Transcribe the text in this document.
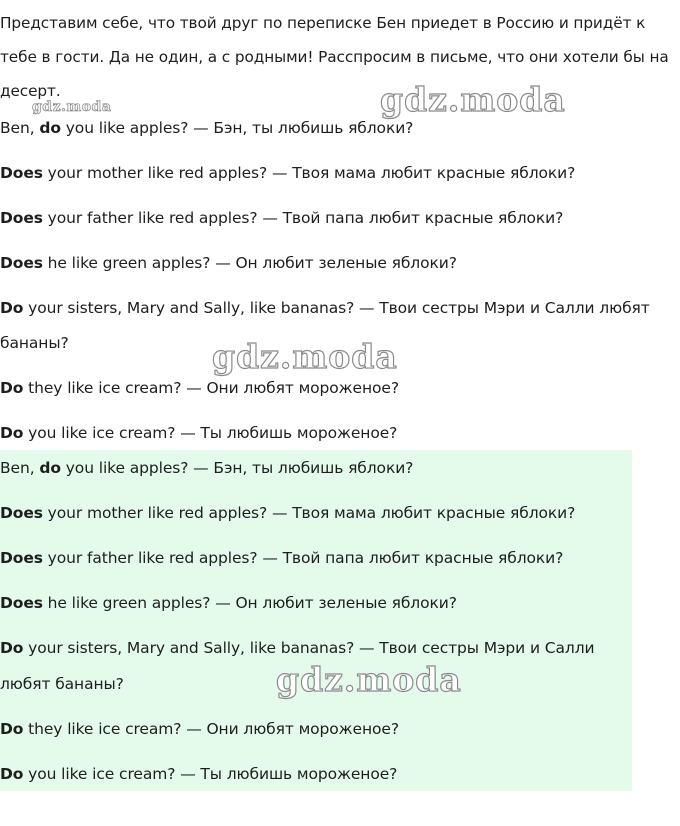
Представим себе, что твой друг по переписке Бен приедет в Россию и придёт к тебе в гости. Да не один, а с родными! Расспросим в письме, что они хотели бы на десерт.
Ben, do you like apples? — Бэн, ты любишь яблоки?
Does your mother like red apples? — Твоя мама любит красные яблоки?
Does your father like red apples? — Твой папа любит красные яблоки?
Does he like green apples? — Он любит зеленые яблоки?
Do your sisters, Mary and Sally, like bananas? — Твои сестры Мэри и Салли любят
бананы?
Do they like ice cream? — Они любят мороженое?
Do you like ice cream? — Ты любишь мороженое?
Ben, do you like apples? — Бэн, ты любишь яблоки?
Does your mother like red apples? — Твоя мама любит красные яблоки?
Does your father like red apples? — Твой папа любит красные яблоки?
Does he like green apples? — Он любит зеленые яблоки?
Do your sisters, Mary and Sally, like bananas? — Твои сестры Мэри и Салли
любят бананы?
Do they like ice cream? — Они любят мороженое?
Do you like ice cream? — Ты любишь мороженое?
gdz.moda	gdz.moda
gdz.moda
gdz.moda
